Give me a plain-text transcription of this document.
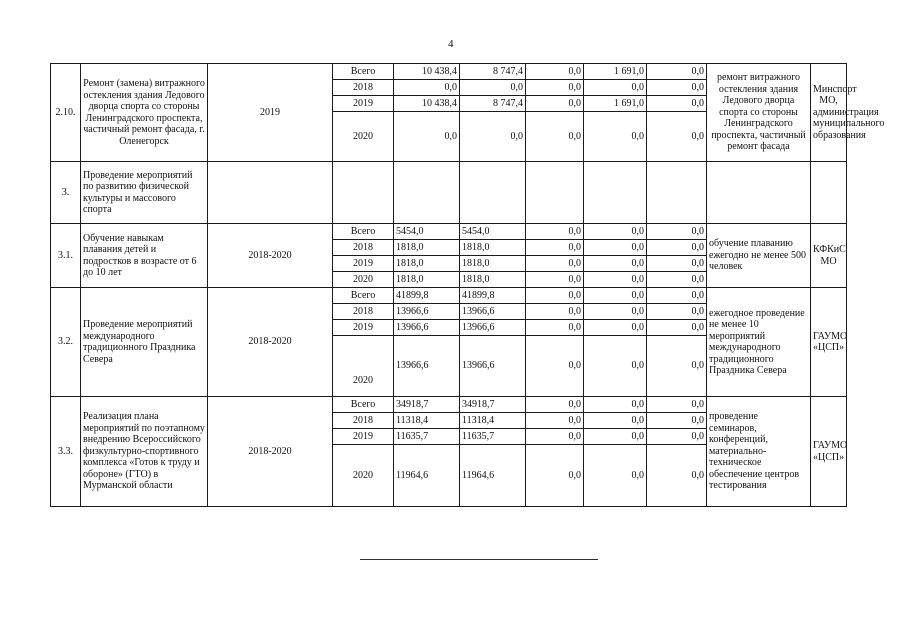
4
2.10.	Ремонт (замена) витражного остекления здания Ледового дворца спорта со стороны Ленинградского проспекта, частичный ремонт фасада, г. Оленегорск	2019	Всего	10 438,4	8 747,4	0,0	1 691,0	0,0	ремонт витражного остекления здания Ледового дворца спорта со стороны Ленинградского проспекта, частичный ремонт фасада	Минспорт МО, администрация муниципального образования
			2018	0,0	0,0	0,0	0,0	0,0		
			2019	10 438,4	8 747,4	0,0	1 691,0	0,0		
			2020	0,0	0,0	0,0	0,0	0,0		
3.	Проведение мероприятий по развитию физической культуры и массового спорта									
3.1.	Обучение навыкам плавания детей и подростков в возрасте от 6 до 10 лет	2018-2020	Всего	5454,0	5454,0	0,0	0,0	0,0	обучение плаванию ежегодно не менее 500 человек	КФКиС МО
			2018	1818,0	1818,0	0,0	0,0	0,0		
			2019	1818,0	1818,0	0,0	0,0	0,0		
			2020	1818,0	1818,0	0,0	0,0	0,0		
3.2.	Проведение мероприятий международного традиционного Праздника Севера	2018-2020	Всего	41899,8	41899,8	0,0	0,0	0,0	ежегодное проведение не менее 10 мероприятий международного традиционного Праздника Севера	ГАУМО «ЦСП»
			2018	13966,6	13966,6	0,0	0,0	0,0		
			2019	13966,6	13966,6	0,0	0,0	0,0		
			2020	13966,6	13966,6	0,0	0,0	0,0		
3.3.	Реализация плана мероприятий по поэтапному внедрению Всероссийского физкультурно-спортивного комплекса «Готов к труду и обороне» (ГТО) в Мурманской области	2018-2020	Всего	34918,7	34918,7	0,0	0,0	0,0	проведение семинаров, конференций, материально-техническое обеспечение центров тестирования	ГАУМО «ЦСП»
			2018	11318,4	11318,4	0,0	0,0	0,0		
			2019	11635,7	11635,7	0,0	0,0	0,0		
			2020	11964,6	11964,6	0,0	0,0	0,0		
